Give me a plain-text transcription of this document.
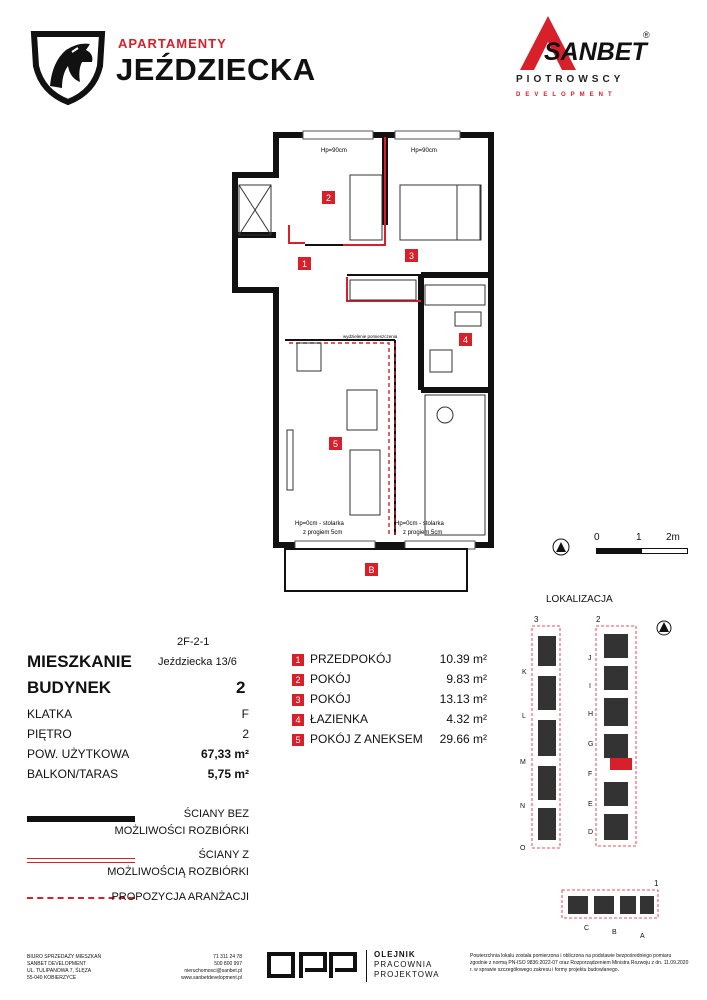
APARTAMENTY
JEŹDZIECKA	SANBET
®
PIOTROWSCY
DEVELOPMENT
Hp=90cm	Hp=90cm
wydzielenie pomieszczenia
Hp=0cm - stolarka
z progiem 5cm
Hp=0cm - stolarka
z progiem 5cm
2
1
3
4
5
B
0	1 2m
2F-2-1
MIESZKANIE Jeździecka 13/6
BUDYNEK	2
KLATKA	F
PIĘTRO	2
POW. UŻYTKOWA	67,33 m²
BALKON/TARAS	5,75 m²
1 PRZEDPOKÓJ	10.39 m²
2 POKÓJ	9.83 m²
3 POKÓJ	13.13 m²
4 ŁAZIENKA	4.32 m²
5 POKÓJ Z ANEKSEM 29.66 m²
ŚCIANY BEZ
MOŻLIWOŚCI ROZBIÓRKI
ŚCIANY Z
MOŻLIWOŚCIĄ ROZBIÓRKI
PROPOZYCJA ARANŻACJI
LOKALIZACJA
3	2
1
K
L
M
N
O
J
I
H
G
F
E
D
C
B
A
BIURO SPRZEDAŻY MIESZKAŃ
SANBET DEVELOPMENT
UL. TULIPANOWA 7, ŚLĘZA
55-040 KOBIERZYCE
71 311 24 78
500 800 997
nieruchomosci@sanbet.pl
www.sanbetdevelopment.pl
OLEJNIK
PRACOWNIA
PROJEKTOWA
Powierzchnia lokalu została pomierzona i obliczona na podstawie bezpośredniego pomiaru zgodnie z normą PN-ISO 9836:2022-07 oraz Rozporządzeniem Ministra Rozwoju z dn. 11.09.2020 r. w sprawie szczegółowego zakresu i formy projektu budowlanego.
